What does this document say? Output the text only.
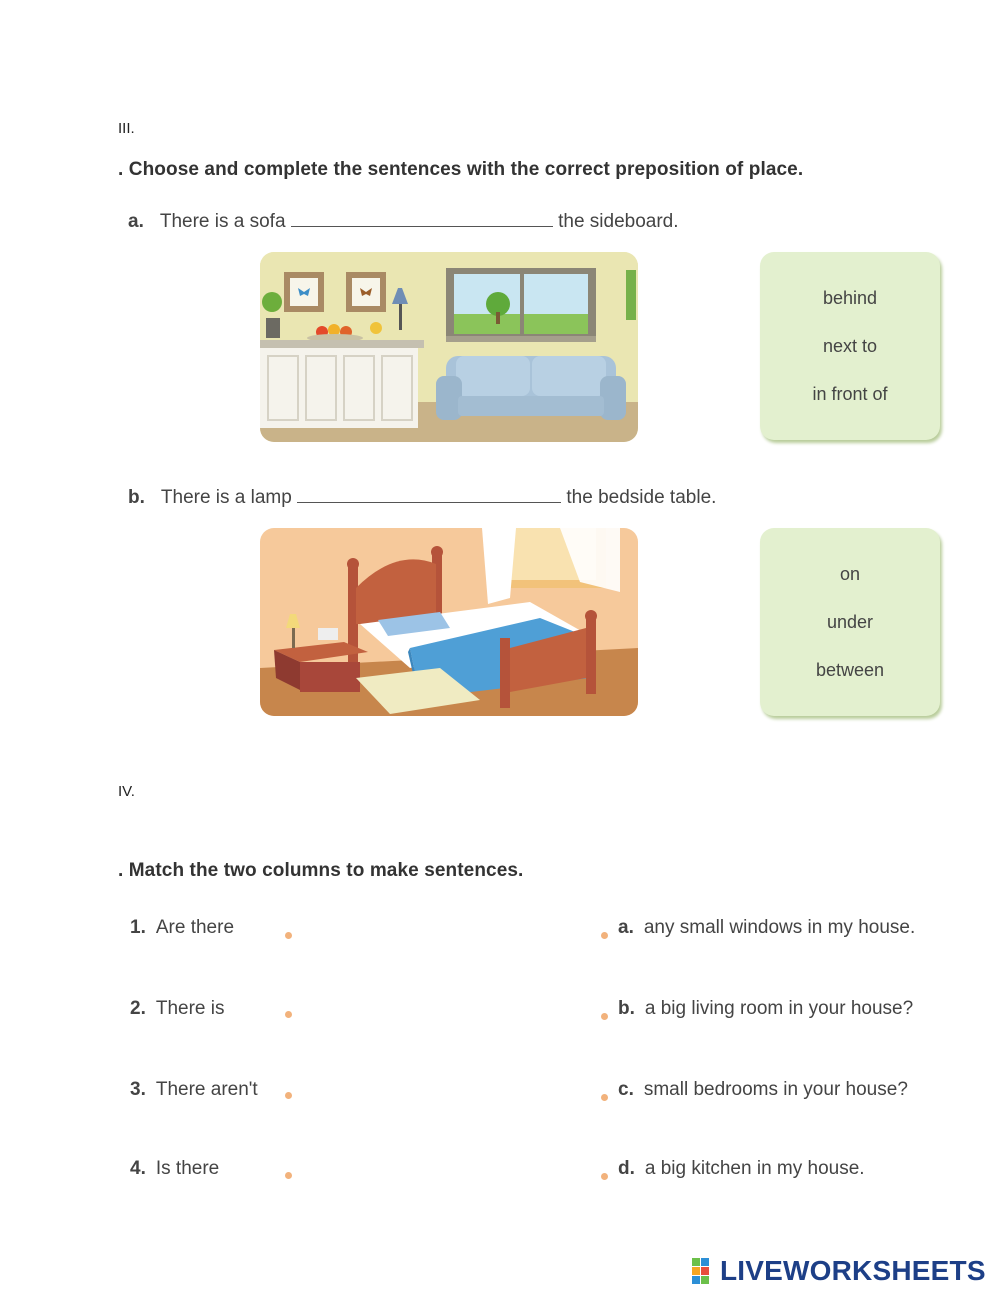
III.
. Choose and complete the sentences with the correct preposition of place.
a. There is a sofa	the sideboard.
behind
next to
in front of
b. There is a lamp	the bedside table.
on
under
between
IV.
. Match the two columns to make sentences.
1. Are there
2. There is
3. There aren't
4. Is there
a. any small windows in my house.
b. a big living room in your house?
c. small bedrooms in your house?
d. a big kitchen in my house.
LIVEWORKSHEETS
